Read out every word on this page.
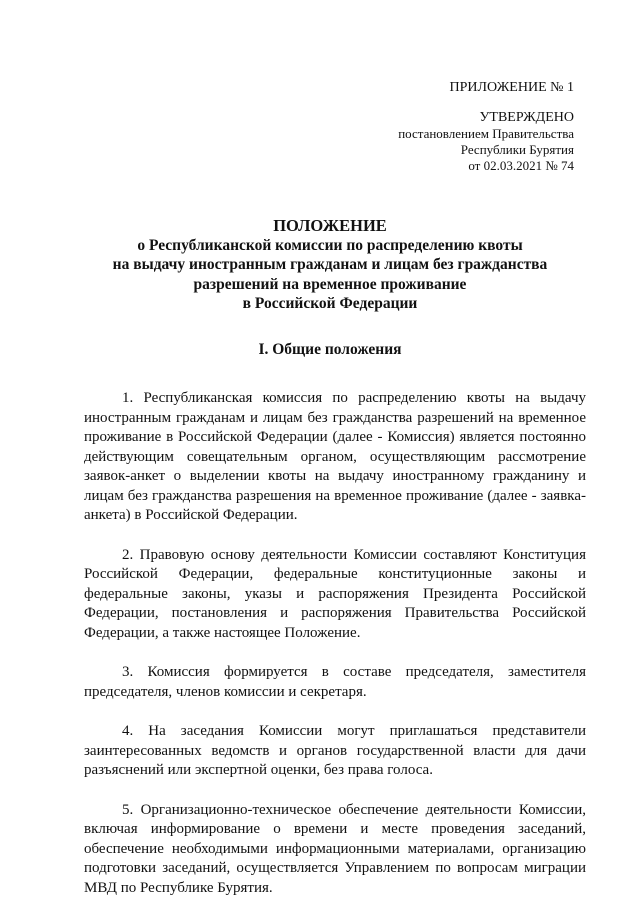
ПРИЛОЖЕНИЕ № 1
УТВЕРЖДЕНО
постановлением Правительства
Республики Бурятия
от 02.03.2021 № 74
ПОЛОЖЕНИЕ
о Республиканской комиссии по распределению квоты
на выдачу иностранным гражданам и лицам без гражданства
разрешений на временное проживание
в Российской Федерации
I. Общие положения

1. Республиканская комиссия по распределению квоты на выдачу иностранным гражданам и лицам без гражданства разрешений на временное проживание в Российской Федерации (далее - Комиссия) является постоянно действующим совещательным органом, осуществляющим рассмотрение заявок-анкет о выделении квоты на выдачу иностранному гражданину и лицам без гражданства разрешения на временное проживание (далее - заявка-анкета) в Российской Федерации.

2. Правовую основу деятельности Комиссии составляют Конституция Российской Федерации, федеральные конституционные законы и федеральные законы, указы и распоряжения Президента Российской Федерации, постановления и распоряжения Правительства Российской Федерации, а также настоящее Положение.

3. Комиссия формируется в составе председателя, заместителя председателя, членов комиссии и секретаря.

4. На заседания Комиссии могут приглашаться представители заинтересованных ведомств и органов государственной власти для дачи разъяснений или экспертной оценки, без права голоса.

5. Организационно-техническое обеспечение деятельности Комиссии, включая информирование о времени и месте проведения заседаний, обеспечение необходимыми информационными материалами, организацию подготовки заседаний, осуществляется Управлением по вопросам миграции МВД по Республике Бурятия.
